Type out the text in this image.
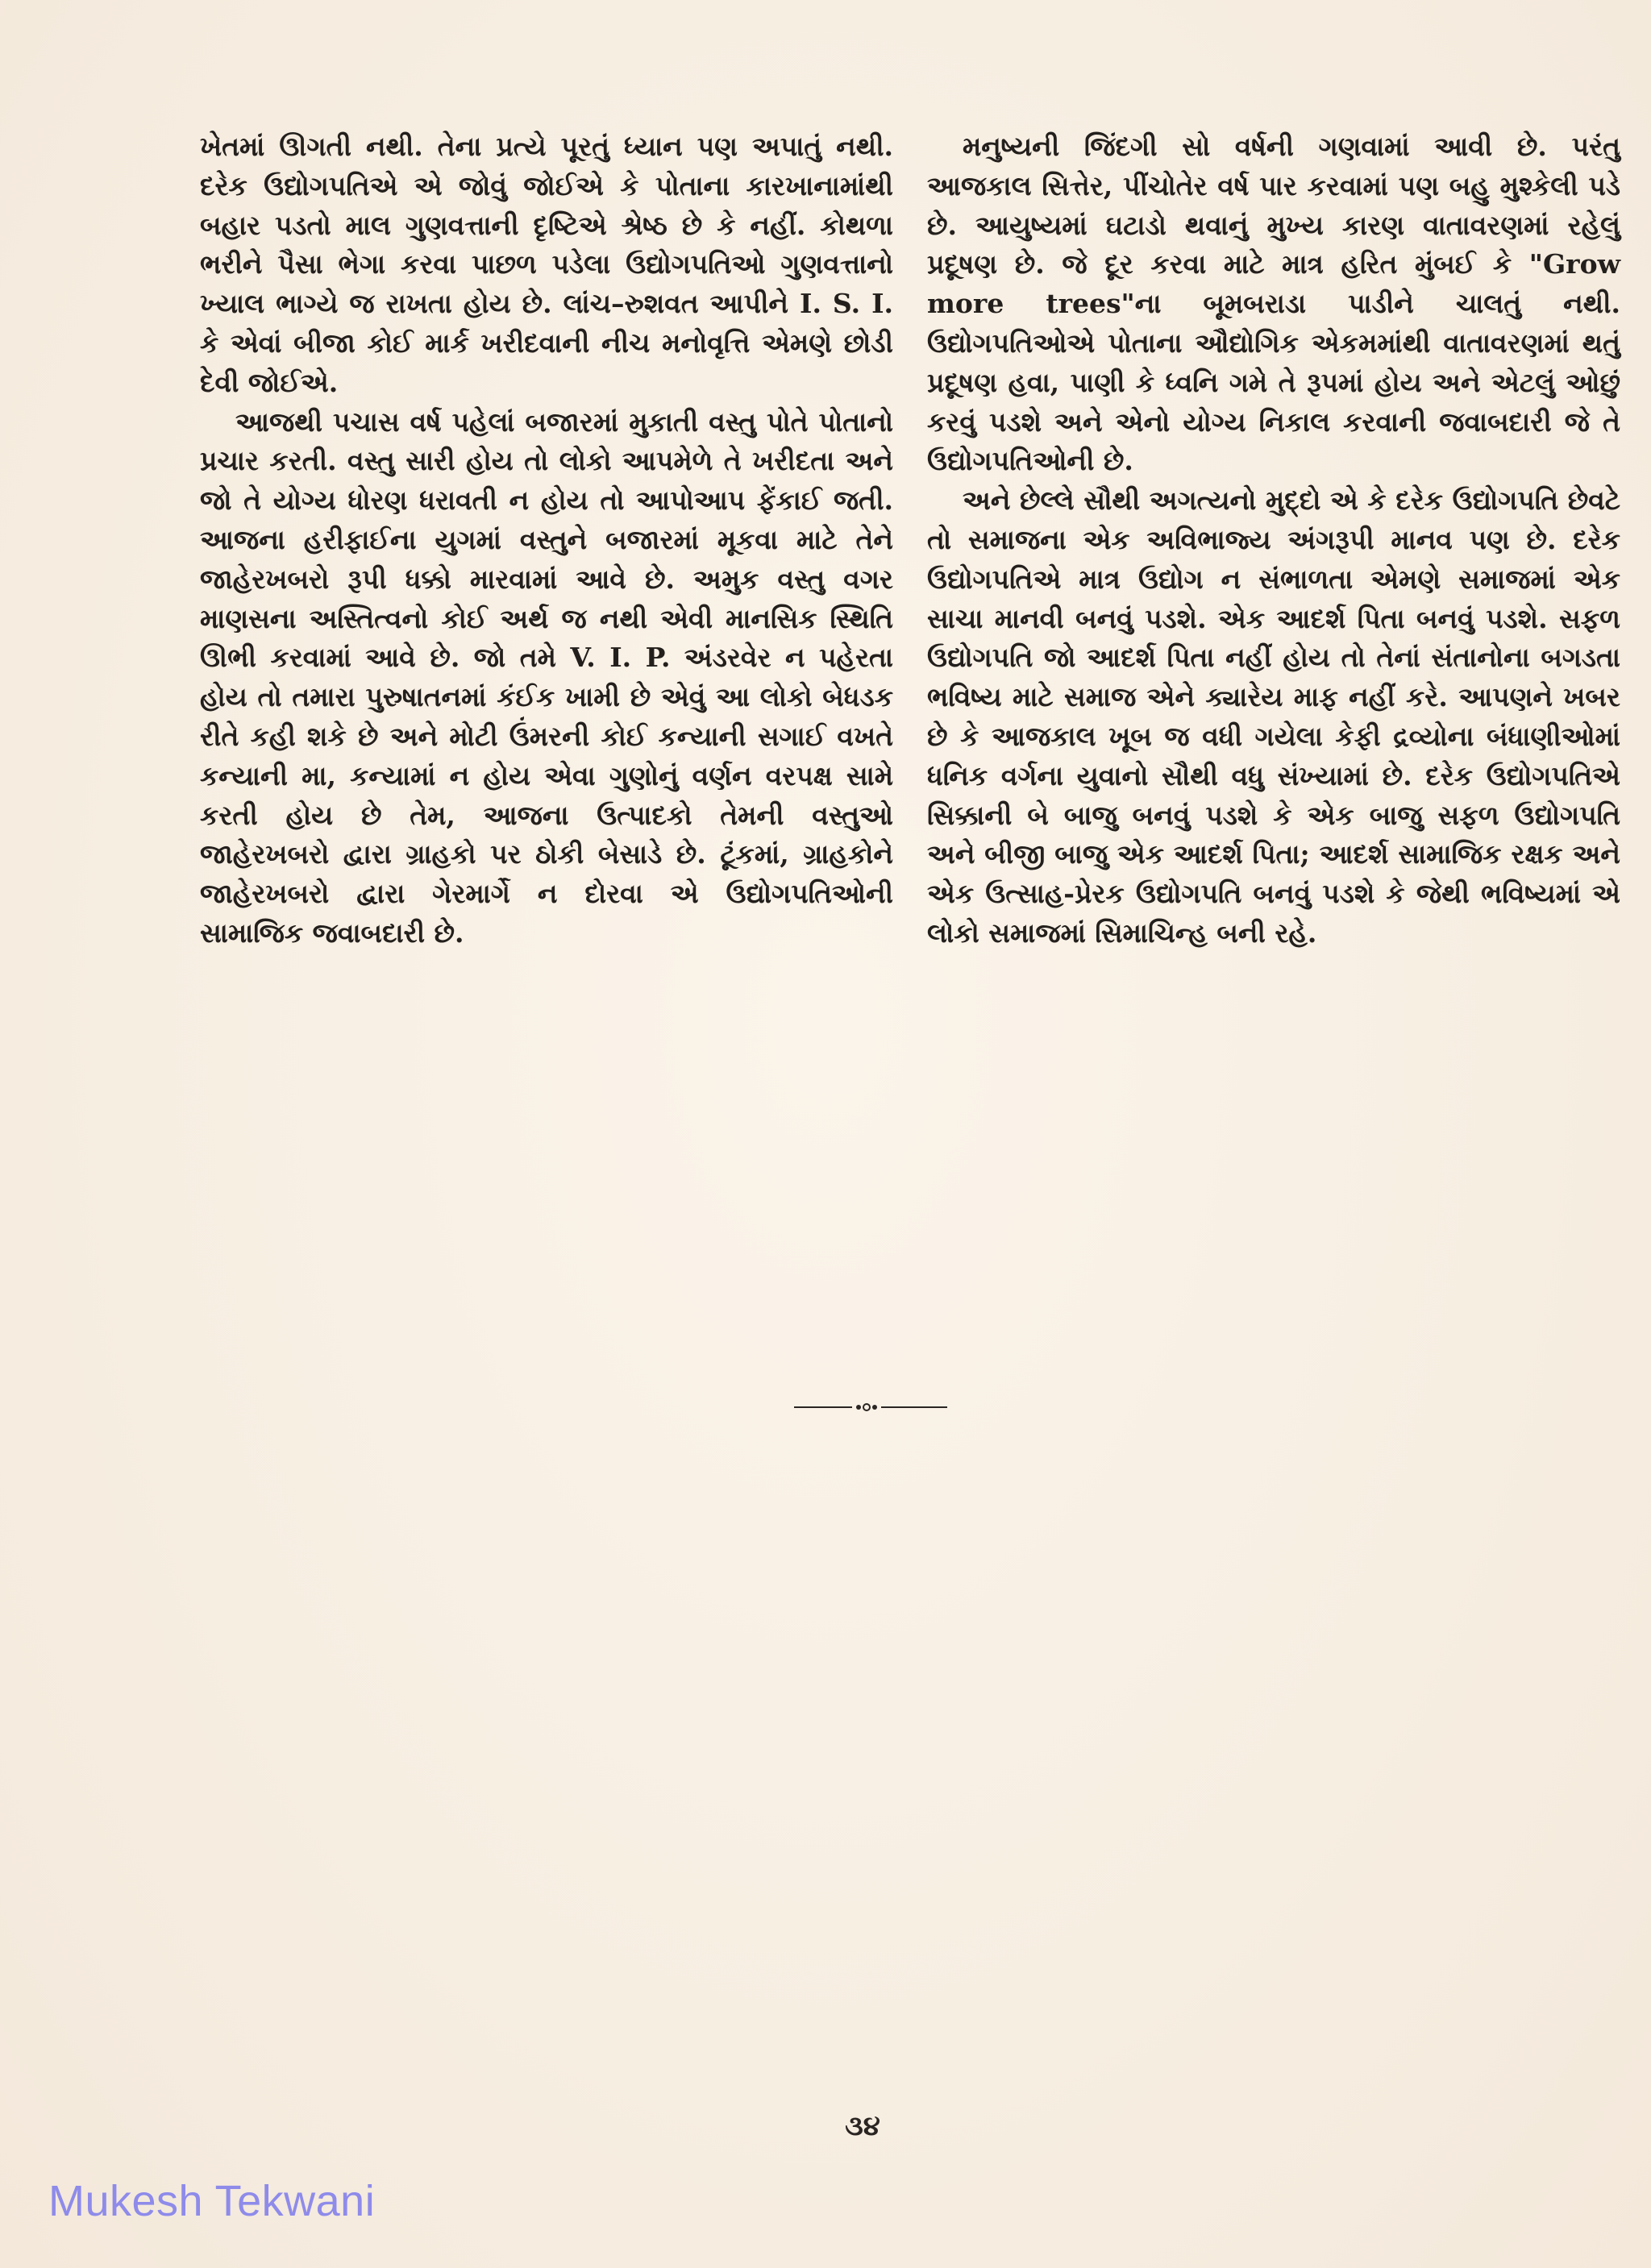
ખેતમાં ઊગતી નથી. તેના પ્રત્યે પૂરતું ધ્યાન પણ અપાતું નથી. દરેક ઉદ્યોગપતિએ એ જોવું જોઈએ કે પોતાના કારખાનામાંથી બહાર પડતો માલ ગુણવત્તાની દૃષ્ટિએ શ્રેષ્ઠ છે કે નહીં. કોથળા ભરીને પૈસા ભેગા કરવા પાછળ પડેલા ઉદ્યોગપતિઓ ગુણવત્તાનો ખ્યાલ ભાગ્યે જ રાખતા હોય છે. લાંચ–રુશવત આપીને I. S. I. કે એવાં બીજા કોઈ માર્ક ખરીદવાની નીચ મનોવૃત્તિ એમણે છોડી દેવી જોઈએ.

આજથી પચાસ વર્ષ પહેલાં બજારમાં મુકાતી વસ્તુ પોતે પોતાનો પ્રચાર કરતી. વસ્તુ સારી હોય તો લોકો આપમેળે તે ખરીદતા અને જો તે યોગ્ય ધોરણ ધરાવતી ન હોય તો આપોઆપ ફેંકાઈ જતી. આજના હરીફાઈના યુગમાં વસ્તુને બજારમાં મૂકવા માટે તેને જાહેરખબરો રૂપી ધક્કો મારવામાં આવે છે. અમુક વસ્તુ વગર માણસના અસ્તિત્વનો કોઈ અર્થ જ નથી એવી માનસિક સ્થિતિ ઊભી કરવામાં આવે છે. જો તમે V. I. P. અંડરવેર ન પહેરતા હોય તો તમારા પુરુષાતનમાં કંઈક ખામી છે એવું આ લોકો બેધડક રીતે કહી શકે છે અને મોટી ઉંમરની કોઈ કન્યાની સગાઈ વખતે કન્યાની મા, કન્યામાં ન હોય એવા ગુણોનું વર્ણન વરપક્ષ સામે કરતી હોય છે તેમ, આજના ઉત્પાદકો તેમની વસ્તુઓ જાહેરખબરો દ્વારા ગ્રાહકો પર ઠોકી બેસાડે છે. ટૂંકમાં, ગ્રાહકોને જાહેરખબરો દ્વારા ગેરમાર્ગે ન દોરવા એ ઉદ્યોગપતિઓની સામાજિક જવાબદારી છે.

મનુષ્યની જિંદગી સો વર્ષની ગણવામાં આવી છે. પરંતુ આજકાલ સિત્તેર, પીંચોતેર વર્ષ પાર કરવામાં પણ બહુ મુશ્કેલી પડે છે. આયુષ્યમાં ઘટાડો થવાનું મુખ્ય કારણ વાતાવરણમાં રહેલું પ્રદૂષણ છે. જે દૂર કરવા માટે માત્ર હરિત મુંબઈ કે "Grow more trees"ના બૂમબરાડા પાડીને ચાલતું નથી. ઉદ્યોગપતિઓએ પોતાના ઔદ્યોગિક એકમમાંથી વાતાવરણમાં થતું પ્રદૂષણ હવા, પાણી કે ધ્વનિ ગમે તે રૂપમાં હોય અને એટલું ઓછું કરવું પડશે અને એનો યોગ્ય નિકાલ કરવાની જવાબદારી જે તે ઉદ્યોગપતિઓની છે.

અને છેલ્લે સૌથી અગત્યનો મુદ્દો એ કે દરેક ઉદ્યોગપતિ છેવટે તો સમાજના એક અવિભાજ્ય અંગરૂપી માનવ પણ છે. દરેક ઉદ્યોગપતિએ માત્ર ઉદ્યોગ ન સંભાળતા એમણે સમાજમાં એક સાચા માનવી બનવું પડશે. એક આદર્શ પિતા બનવું પડશે. સફળ ઉદ્યોગપતિ જો આદર્શ પિતા નહીં હોય તો તેનાં સંતાનોના બગડતા ભવિષ્ય માટે સમાજ એને ક્યારેય માફ નહીં કરે. આપણને ખબર છે કે આજકાલ ખૂબ જ વધી ગયેલા કેફી દ્રવ્યોના બંધાણીઓમાં ધનિક વર્ગના યુવાનો સૌથી વધુ સંખ્યામાં છે. દરેક ઉદ્યોગપતિએ સિક્કાની બે બાજુ બનવું પડશે કે એક બાજુ સફળ ઉદ્યોગપતિ અને બીજી બાજુ એક આદર્શ પિતા; આદર્શ સામાજિક રક્ષક અને એક ઉત્સાહ-પ્રેરક ઉદ્યોગપતિ બનવું પડશે કે જેથી ભવિષ્યમાં એ લોકો સમાજમાં સિમાચિન્હ બની રહે.

૩૪
Mukesh Tekwani
